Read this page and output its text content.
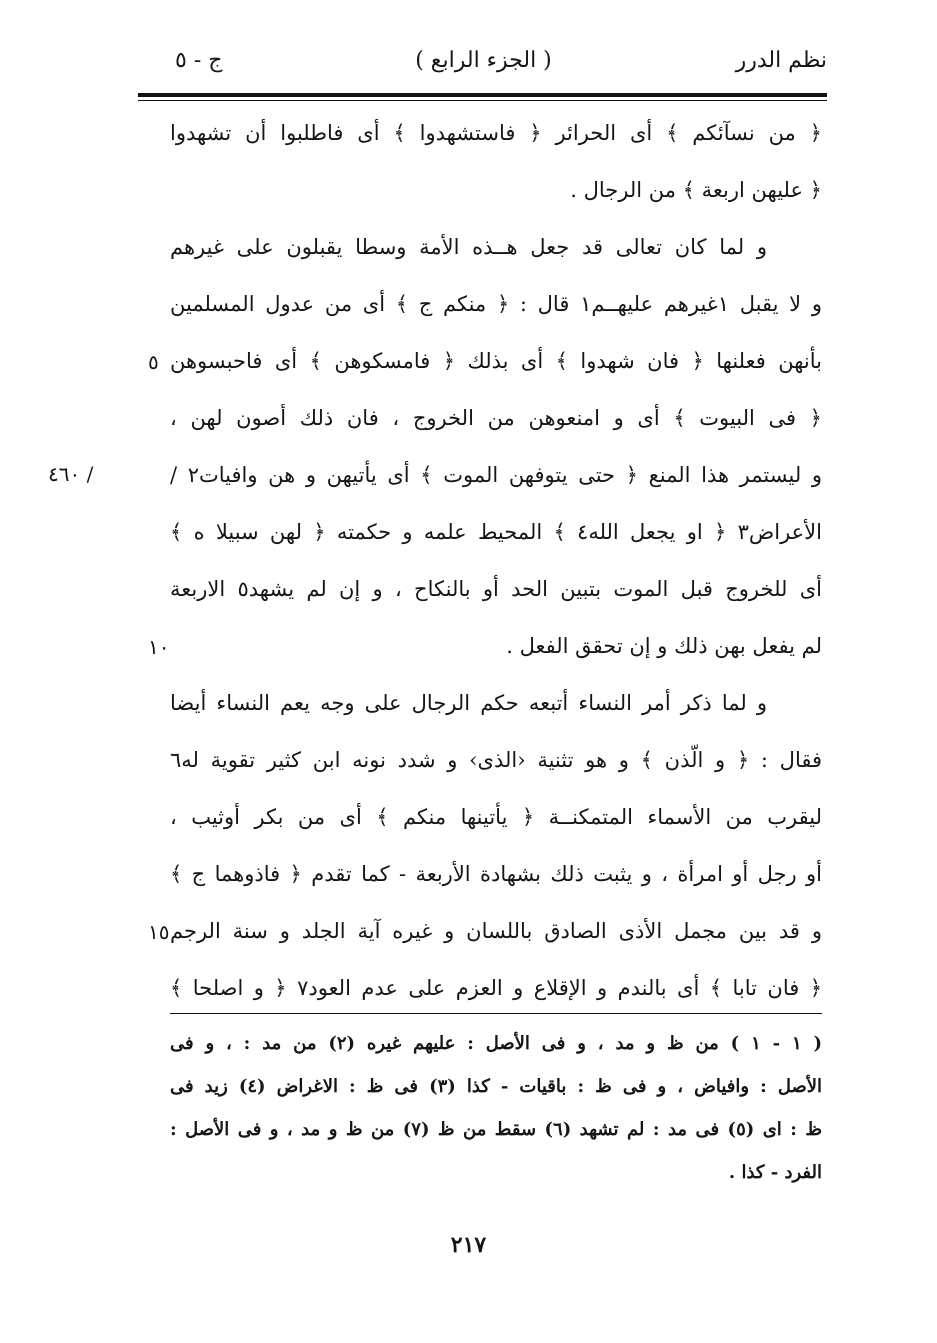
نظم الدرر
( الجزء الرابع )
ج - ٥
﴿ من نسآئكم ﴾ أى الحرائر ﴿ فاستشهدوا ﴾ أى فاطلبوا أن تشهدوا
﴿ عليهن اربعة ﴾ من الرجال .
و لما كان تعالى قد جعل هــذه الأمة وسطا يقبلون على غيرهم
و لا يقبل ١غيرهم عليهــم١ قال : ﴿ منكم ج ﴾ أى من عدول المسلمين
بأنهن فعلنها ﴿ فان شهدوا ﴾ أى بذلك ﴿ فامسكوهن ﴾ أى فاحبسوهن
﴿ فى البيوت ﴾ أى و امنعوهن من الخروج ، فان ذلك أصون لهن ،
و ليستمر هذا المنع ﴿ حتى يتوفهن الموت ﴾ أى يأتيهن و هن وافيات٢ /
الأعراض٣ ﴿ او يجعل الله٤ ﴾ المحيط علمه و حكمته ﴿ لهن سبيلا ه ﴾
أى للخروج قبل الموت بتبين الحد أو بالنكاح ، و إن لم يشهد٥ الاربعة
لم يفعل بهن ذلك و إن تحقق الفعل .
و لما ذكر أمر النساء أتبعه حكم الرجال على وجه يعم النساء أيضا
فقال : ﴿ و الّذن ﴾ و هو تثنية ‹الذى› و شدد نونه ابن كثير تقوية له٦
ليقرب من الأسماء المتمكنــة ﴿ يأتينها منكم ﴾ أى من بكر أوثيب ،
أو رجل أو امرأة ، و يثبت ذلك بشهادة الأربعة - كما تقدم ﴿ فاذوهما ج ﴾
و قد بين مجمل الأذى الصادق باللسان و غيره آية الجلد و سنة الرجم
﴿ فان تابا ﴾ أى بالندم و الإقلاع و العزم على عدم العود٧ ﴿ و اصلحا ﴾
٥
١٠
١٥
/ ٤٦٠
( ١ - ١ ) من ظ و مد ، و فى الأصل : عليهم غيره (٢) من مد : ، و فى
الأصل : وافياض ، و فى ظ : باقيات - كذا (٣) فى ظ : الاغراض (٤) زيد فى
ظ : اى (٥) فى مد : لم تشهد (٦) سقط من ظ (٧) من ظ و مد ، و فى الأصل :
الفرد - كذا .
٢١٧
